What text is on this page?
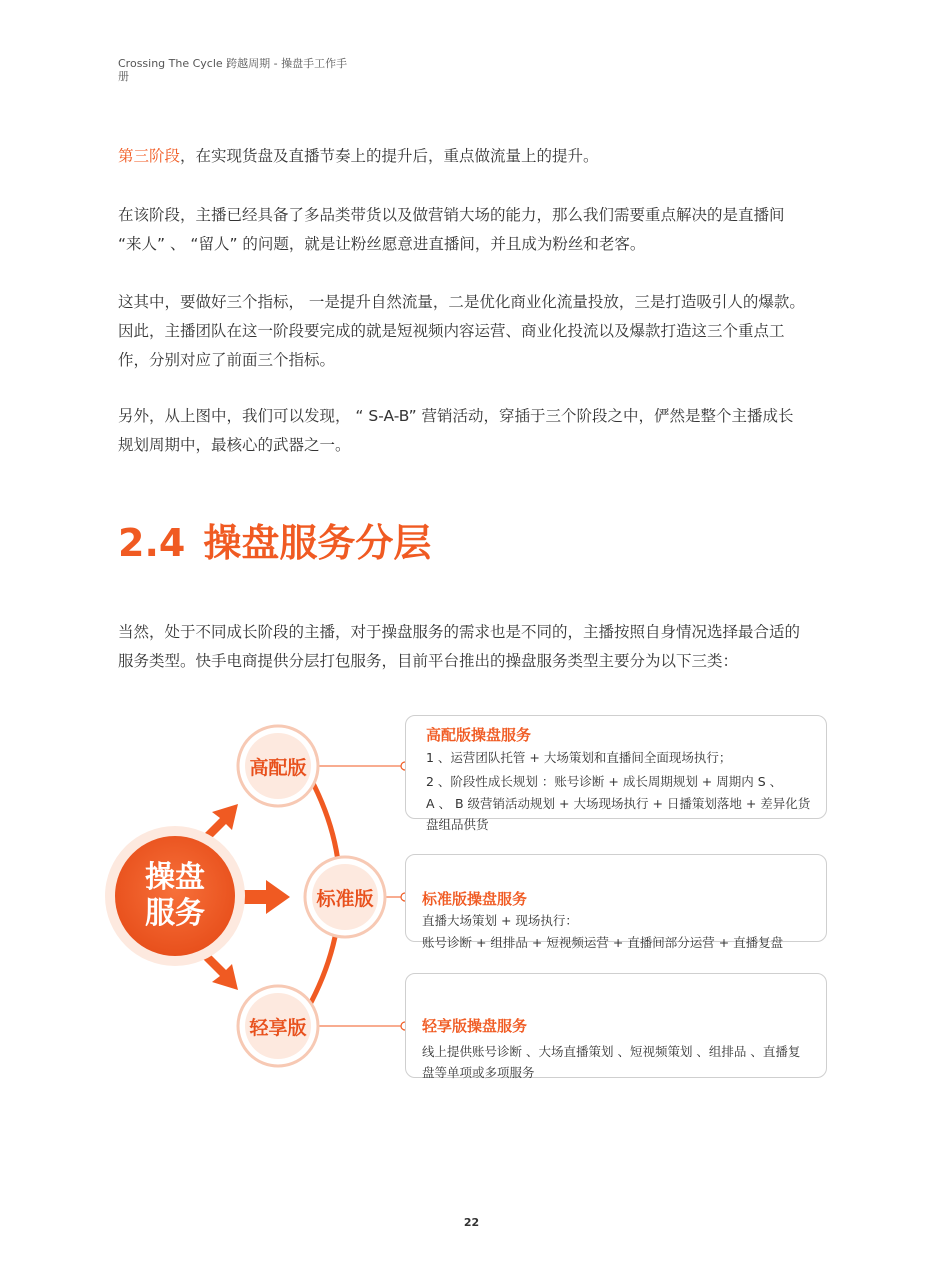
Crossing The Cycle 跨越周期 - 操盘手工作手
册
第三阶段，在实现货盘及直播节奏上的提升后，重点做流量上的提升。
在该阶段，主播已经具备了多品类带货以及做营销大场的能力，那么我们需要重点解决的是直播间
“来人” 、 “留人” 的问题，就是让粉丝愿意进直播间，并且成为粉丝和老客。
这其中，要做好三个指标， 一是提升自然流量，二是优化商业化流量投放，三是打造吸引人的爆款。
因此，主播团队在这一阶段要完成的就是短视频内容运营、商业化投流以及爆款打造这三个重点工
作，分别对应了前面三个指标。
另外，从上图中，我们可以发现， “ S-A-B” 营销活动，穿插于三个阶段之中，俨然是整个主播成长
规划周期中，最核心的武器之一。
2.4 操盘服务分层
当然，处于不同成长阶段的主播，对于操盘服务的需求也是不同的，主播按照自身情况选择最合适的
服务类型。快手电商提供分层打包服务，目前平台推出的操盘服务类型主要分为以下三类：
操盘
服务
高配版
标准版
轻享版
高配版操盘服务
1 、运营团队托管 + 大场策划和直播间全面现场执行；
2 、阶段性成长规划 ：账号诊断 + 成长周期规划 + 周期内 S 、
A 、 B 级营销活动规划 + 大场现场执行 + 日播策划落地 + 差异化货
盘组品供货
标准版操盘服务
直播大场策划 + 现场执行：
账号诊断 + 组排品 + 短视频运营 + 直播间部分运营 + 直播复盘
轻享版操盘服务
线上提供账号诊断 、大场直播策划 、短视频策划 、组排品 、直播复
盘等单项或多项服务
22
